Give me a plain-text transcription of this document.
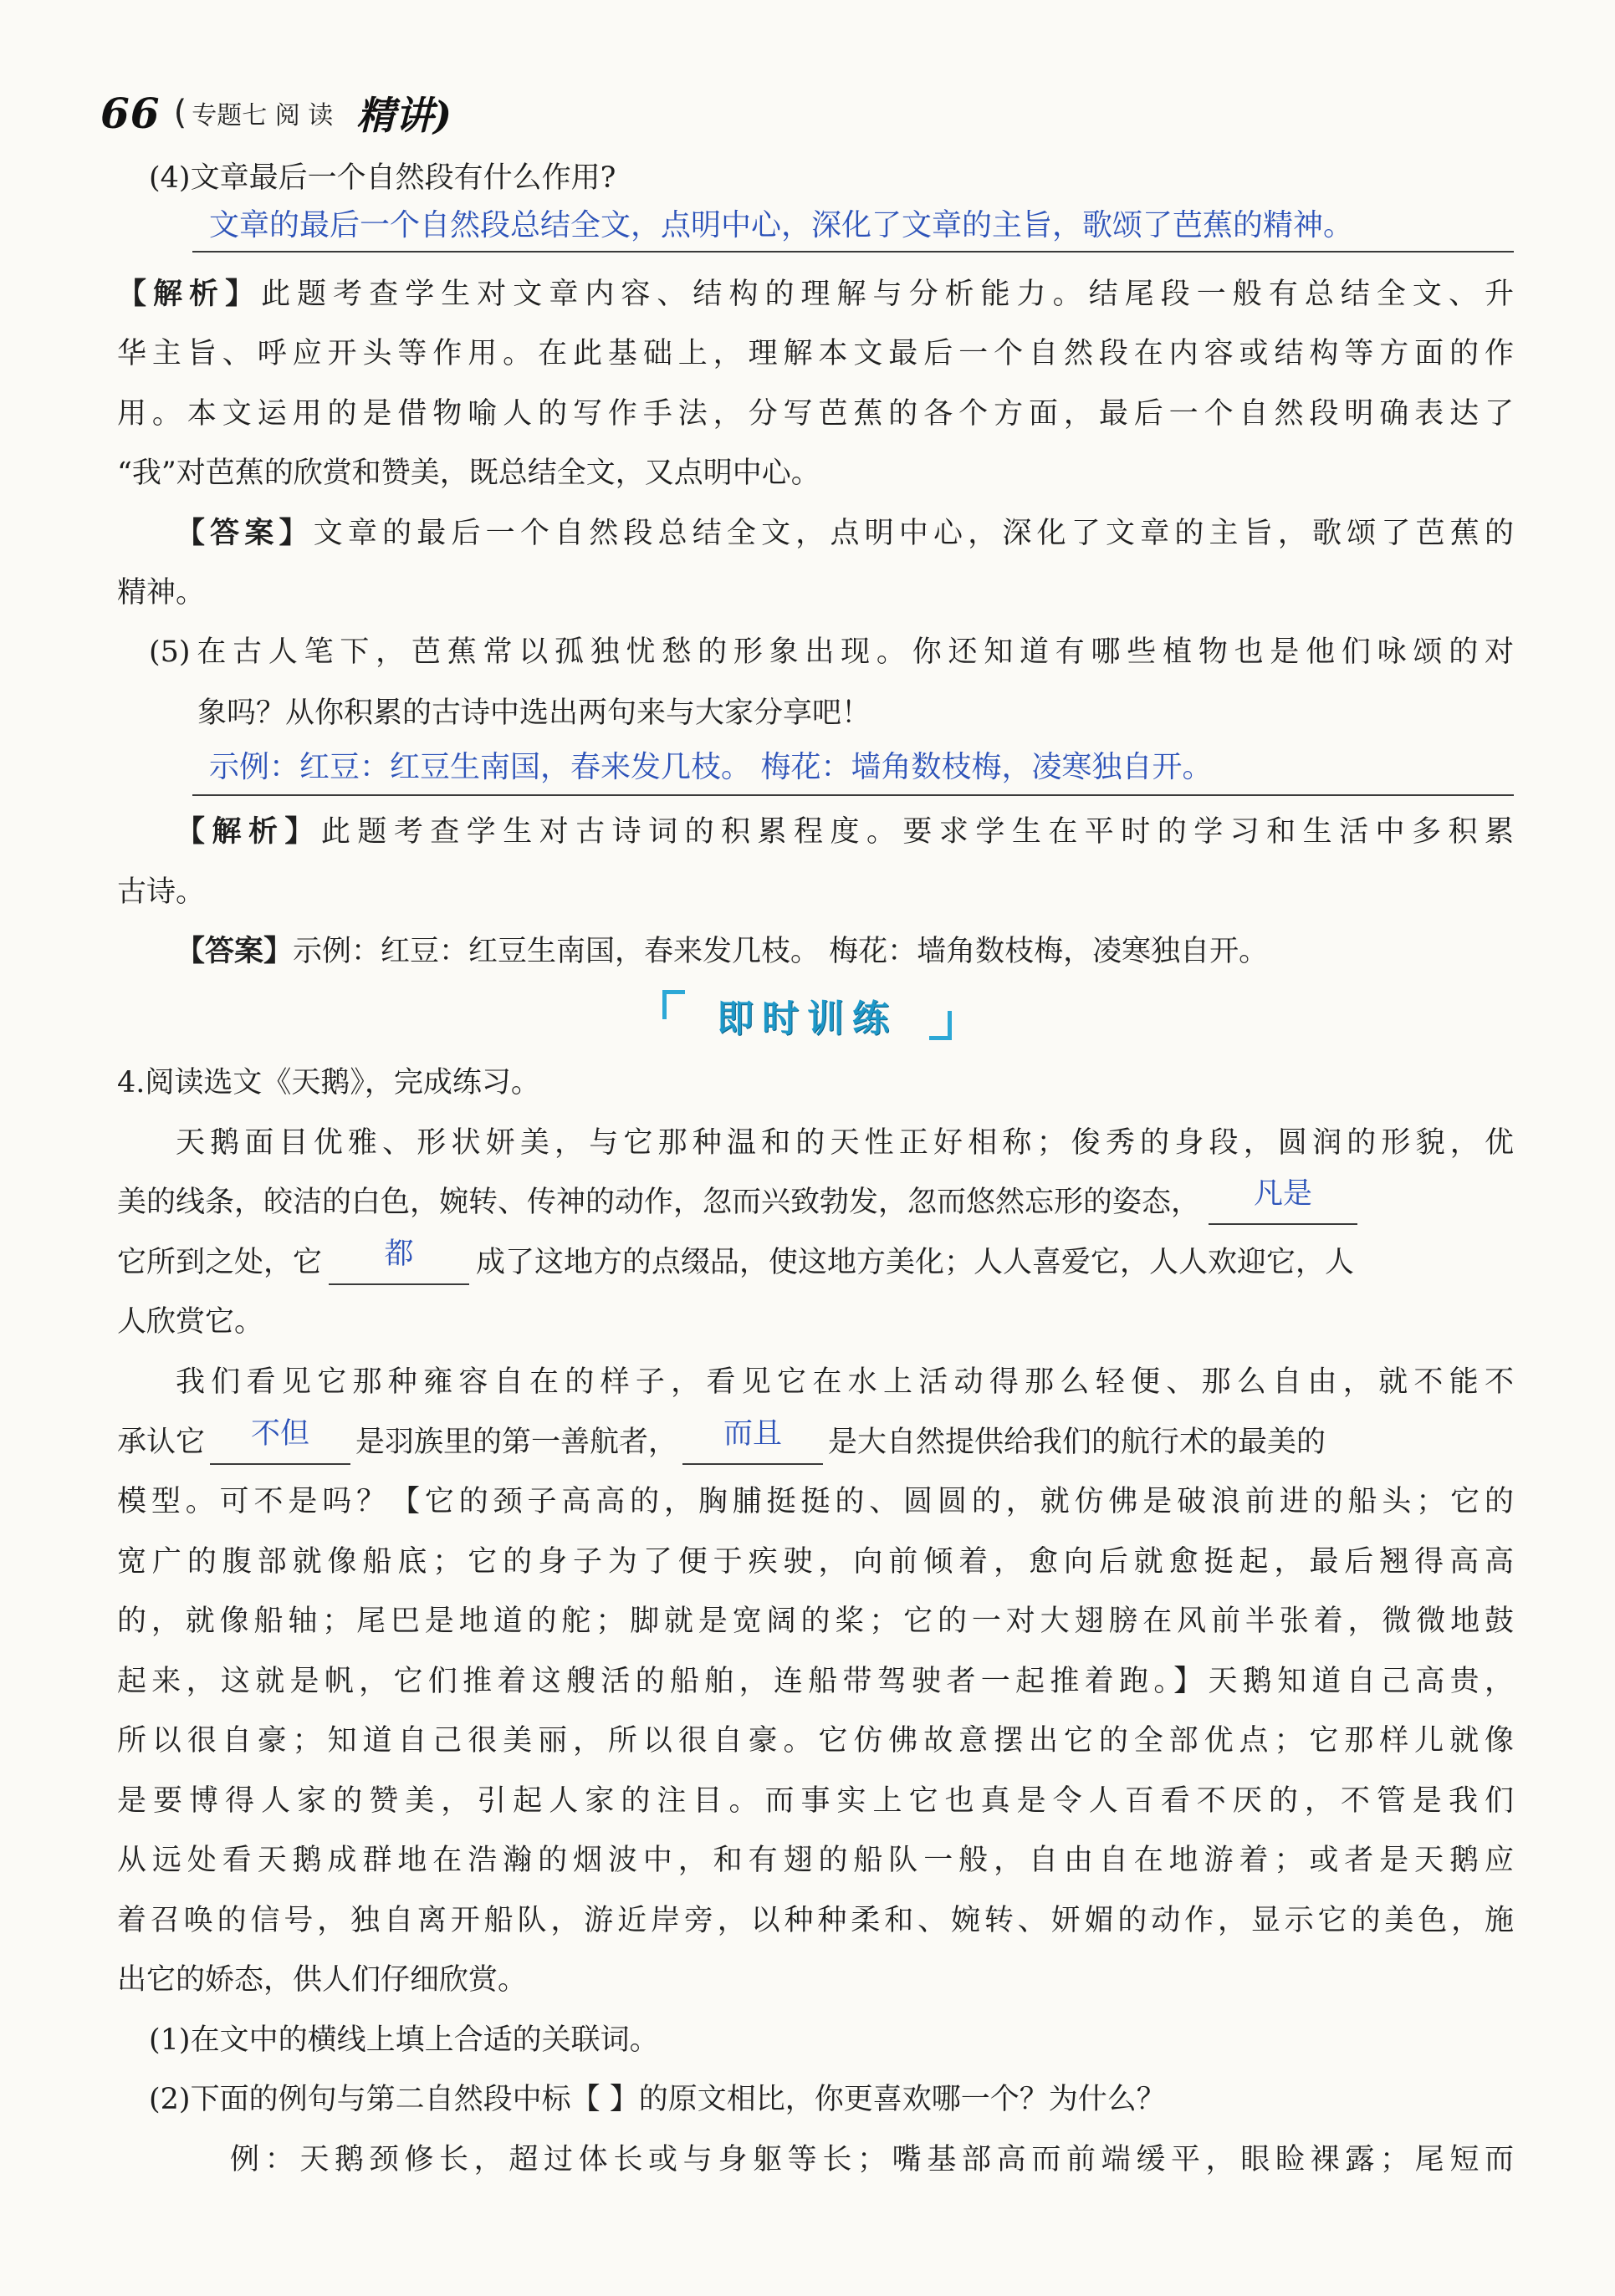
66 ( 专题七 阅 读 精讲)
(4)文章最后一个自然段有什么作用?
文章的最后一个自然段总结全文，点明中心，深化了文章的主旨，歌颂了芭蕉的精神。
【解析】此题考查学生对文章内容、结构的理解与分析能力。结尾段一般有总结全文、升
华主旨、呼应开头等作用。在此基础上，理解本文最后一个自然段在内容或结构等方面的作
用。本文运用的是借物喻人的写作手法，分写芭蕉的各个方面，最后一个自然段明确表达了
“我”对芭蕉的欣赏和赞美，既总结全文，又点明中心。
【答案】文章的最后一个自然段总结全文，点明中心，深化了文章的主旨，歌颂了芭蕉的
精神。
(5)在古人笔下，芭蕉常以孤独忧愁的形象出现。你还知道有哪些植物也是他们咏颂的对
象吗？从你积累的古诗中选出两句来与大家分享吧！
示例：红豆：红豆生南国，春来发几枝。 梅花：墙角数枝梅，凌寒独自开。
【解析】此题考查学生对古诗词的积累程度。要求学生在平时的学习和生活中多积累
古诗。
【答案】示例：红豆：红豆生南国，春来发几枝。 梅花：墙角数枝梅，凌寒独自开。
即时训练
4.阅读选文《天鹅》，完成练习。
天鹅面目优雅、形状妍美，与它那种温和的天性正好相称；俊秀的身段，圆润的形貌，优
美的线条，皎洁的白色，婉转、传神的动作，忽而兴致勃发，忽而悠然忘形的姿态， 凡是
它所到之处，它 都 成了这地方的点缀品，使这地方美化；人人喜爱它，人人欢迎它，人
人欣赏它。
我们看见它那种雍容自在的样子，看见它在水上活动得那么轻便、那么自由，就不能不
承认它 不但 是羽族里的第一善航者， 而且 是大自然提供给我们的航行术的最美的
模型。可不是吗？【它的颈子高高的，胸脯挺挺的、圆圆的，就仿佛是破浪前进的船头；它的
宽广的腹部就像船底；它的身子为了便于疾驶，向前倾着，愈向后就愈挺起，最后翘得高高
的，就像船轴；尾巴是地道的舵；脚就是宽阔的桨；它的一对大翅膀在风前半张着，微微地鼓
起来，这就是帆，它们推着这艘活的船舶，连船带驾驶者一起推着跑。】天鹅知道自己高贵，
所以很自豪；知道自己很美丽，所以很自豪。它仿佛故意摆出它的全部优点；它那样儿就像
是要博得人家的赞美，引起人家的注目。而事实上它也真是令人百看不厌的，不管是我们
从远处看天鹅成群地在浩瀚的烟波中，和有翅的船队一般，自由自在地游着；或者是天鹅应
着召唤的信号，独自离开船队，游近岸旁，以种种柔和、婉转、妍媚的动作，显示它的美色，施
出它的娇态，供人们仔细欣赏。
(1)在文中的横线上填上合适的关联词。
(2)下面的例句与第二自然段中标【 】的原文相比，你更喜欢哪一个？为什么？
例：天鹅颈修长，超过体长或与身躯等长；嘴基部高而前端缓平，眼睑裸露；尾短而
